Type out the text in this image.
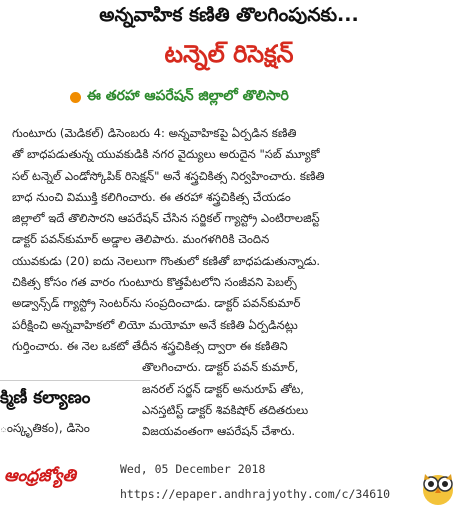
అన్నవాహిక కణితి తొలగింపునకు...
టన్నెల్ రిసెక్షన్
ఈ తరహా ఆపరేషన్ జిల్లాలో తొలిసారి

గుంటూరు (మెడికల్) డిసెంబరు 4: అన్నవాహికపై ఏర్పడిన కణితి
తో బాధపడుతున్న యువకుడికి నగర వైద్యులు అరుదైన "సబ్ మ్యూకో
సల్ టన్నెల్ ఎండోస్కోపిక్ రిసెక్షన్" అనే శస్త్రచికిత్స నిర్వహించారు. కణితి
బాధ నుంచి విముక్తి కలిగించారు. ఈ తరహా శస్త్రచికిత్స చేయడం
జిల్లాలో ఇదే తొలిసారని ఆపరేషన్ చేసిన సర్జికల్ గ్యాస్ట్రో ఎంటిరాలజిస్ట్
డాక్టర్ పవన్‌కుమార్ అడ్డాల తెలిపారు. మంగళగిరికి చెందిన
యువకుడు (20) ఐదు నెలలుగా గొంతులో కణితో బాధపడుతున్నాడు.
చికిత్స కోసం గత వారం గుంటూరు కొత్తపేటలోని సంజీవని పెబల్స్
అడ్వాన్స్‌డ్ గ్యాస్ట్రో సెంటర్‌ను సంప్రదించాడు. డాక్టర్ పవన్‌కుమార్
పరీక్షించి అన్నవాహికలో లియో మయోమా అనే కణితి ఏర్పడినట్లు
గుర్తించారు. ఈ నెల ఒకటో తేదీన శస్త్రచికిత్స ద్వారా ఈ కణితిని
తొలగించారు. డాక్టర్ పవన్ కుమార్,
జనరల్ సర్జన్ డాక్టర్ అనురూప్ తోట,
ఎనస్తటిస్ట్ డాక్టర్ శివకిషోర్ తదితరులు
విజయవంతంగా ఆపరేషన్ చేశారు.

క్మిణీ కల్యాణం
ంస్కృతికం), డిసెం
ఆంధ్రజ్యోతి	Wed, 05 December 2018
https://epaper.andhrajyothy.com/c/34610
